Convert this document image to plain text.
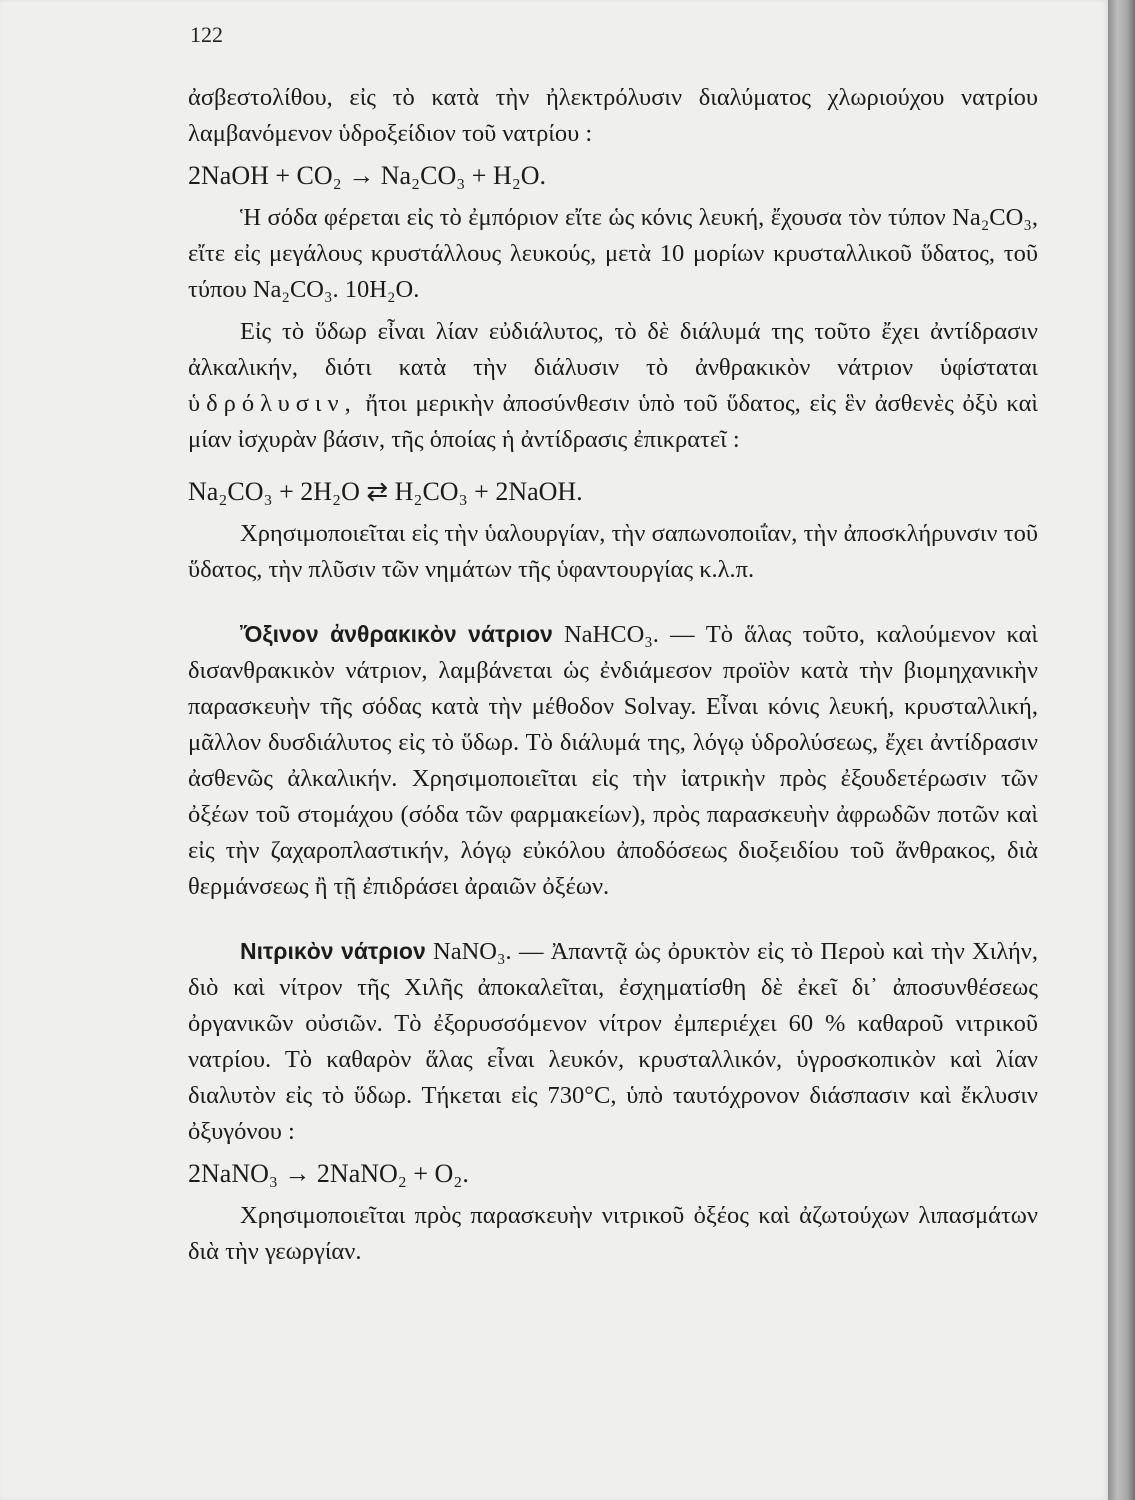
122

ἀσβεστολίθου, εἰς τὸ κατὰ τὴν ἠλεκτρόλυσιν διαλύματος χλωριούχου νατρίου λαμβανόμενον ὑδροξείδιον τοῦ νατρίου :

2NaOH + CO₂ → Na₂CO₃ + H₂O.

Ἡ σόδα φέρεται εἰς τὸ ἐμπόριον εἴτε ὡς κόνις λευκή, ἔχουσα τὸν τύπον Na₂CO₃, εἴτε εἰς μεγάλους κρυστάλλους λευκούς, μετὰ 10 μορίων κρυσταλλικοῦ ὕδατος, τοῦ τύπου Na₂CO₃. 10H₂O.

Εἰς τὸ ὕδωρ εἶναι λίαν εὐδιάλυτος, τὸ δὲ διάλυμά της τοῦτο ἔχει ἀντίδρασιν ἀλκαλικήν, διότι κατὰ τὴν διάλυσιν τὸ ἀνθρακικὸν νάτριον ὑφίσταται ὑδρόλυσιν, ἤτοι μερικὴν ἀποσύνθεσιν ὑπὸ τοῦ ὕδατος, εἰς ἓν ἀσθενὲς ὀξὺ καὶ μίαν ἰσχυρὰν βάσιν, τῆς ὁποίας ἡ ἀντίδρασις ἐπικρατεῖ :

Na₂CO₃ + 2H₂O ⇄ H₂CO₃ + 2NaOH.

Χρησιμοποιεῖται εἰς τὴν ὑαλουργίαν, τὴν σαπωνοποιΐαν, τὴν ἀποσκλήρυνσιν τοῦ ὕδατος, τὴν πλῦσιν τῶν νημάτων τῆς ὑφαντουργίας κ.λ.π.

Ὄξινον ἀνθρακικὸν νάτριον NaHCO₃. — Τὸ ἅλας τοῦτο, καλούμενον καὶ δισανθρακικὸν νάτριον, λαμβάνεται ὡς ἐνδιάμεσον προϊὸν κατὰ τὴν βιομηχανικὴν παρασκευὴν τῆς σόδας κατὰ τὴν μέθοδον Solvay. Εἶναι κόνις λευκή, κρυσταλλική, μᾶλλον δυσδιάλυτος εἰς τὸ ὕδωρ. Τὸ διάλυμά της, λόγῳ ὑδρολύσεως, ἔχει ἀντίδρασιν ἀσθενῶς ἀλκαλικήν. Χρησιμοποιεῖται εἰς τὴν ἰατρικὴν πρὸς ἐξουδετέρωσιν τῶν ὀξέων τοῦ στομάχου (σόδα τῶν φαρμακείων), πρὸς παρασκευὴν ἀφρωδῶν ποτῶν καὶ εἰς τὴν ζαχαροπλαστικήν, λόγῳ εὐκόλου ἀποδόσεως διοξειδίου τοῦ ἄνθρακος, διὰ θερμάνσεως ἢ τῇ ἐπιδράσει ἀραιῶν ὀξέων.

Νιτρικὸν νάτριον NaNO₃. — Ἀπαντᾷ ὡς ὀρυκτὸν εἰς τὸ Περοὺ καὶ τὴν Χιλήν, διὸ καὶ νίτρον τῆς Χιλῆς ἀποκαλεῖται, ἐσχηματίσθη δὲ ἐκεῖ δι᾽ ἀποσυνθέσεως ὀργανικῶν οὐσιῶν. Τὸ ἐξορυσσόμενον νίτρον ἐμπεριέχει 60 % καθαροῦ νιτρικοῦ νατρίου. Τὸ καθαρὸν ἅλας εἶναι λευκόν, κρυσταλλικόν, ὑγροσκοπικὸν καὶ λίαν διαλυτὸν εἰς τὸ ὕδωρ. Τήκεται εἰς 730°C, ὑπὸ ταυτόχρονον διάσπασιν καὶ ἔκλυσιν ὀξυγόνου :

2NaNO₃ → 2NaNO₂ + O₂.

Χρησιμοποιεῖται πρὸς παρασκευὴν νιτρικοῦ ὀξέος καὶ ἀζωτούχων λιπασμάτων διὰ τὴν γεωργίαν.
